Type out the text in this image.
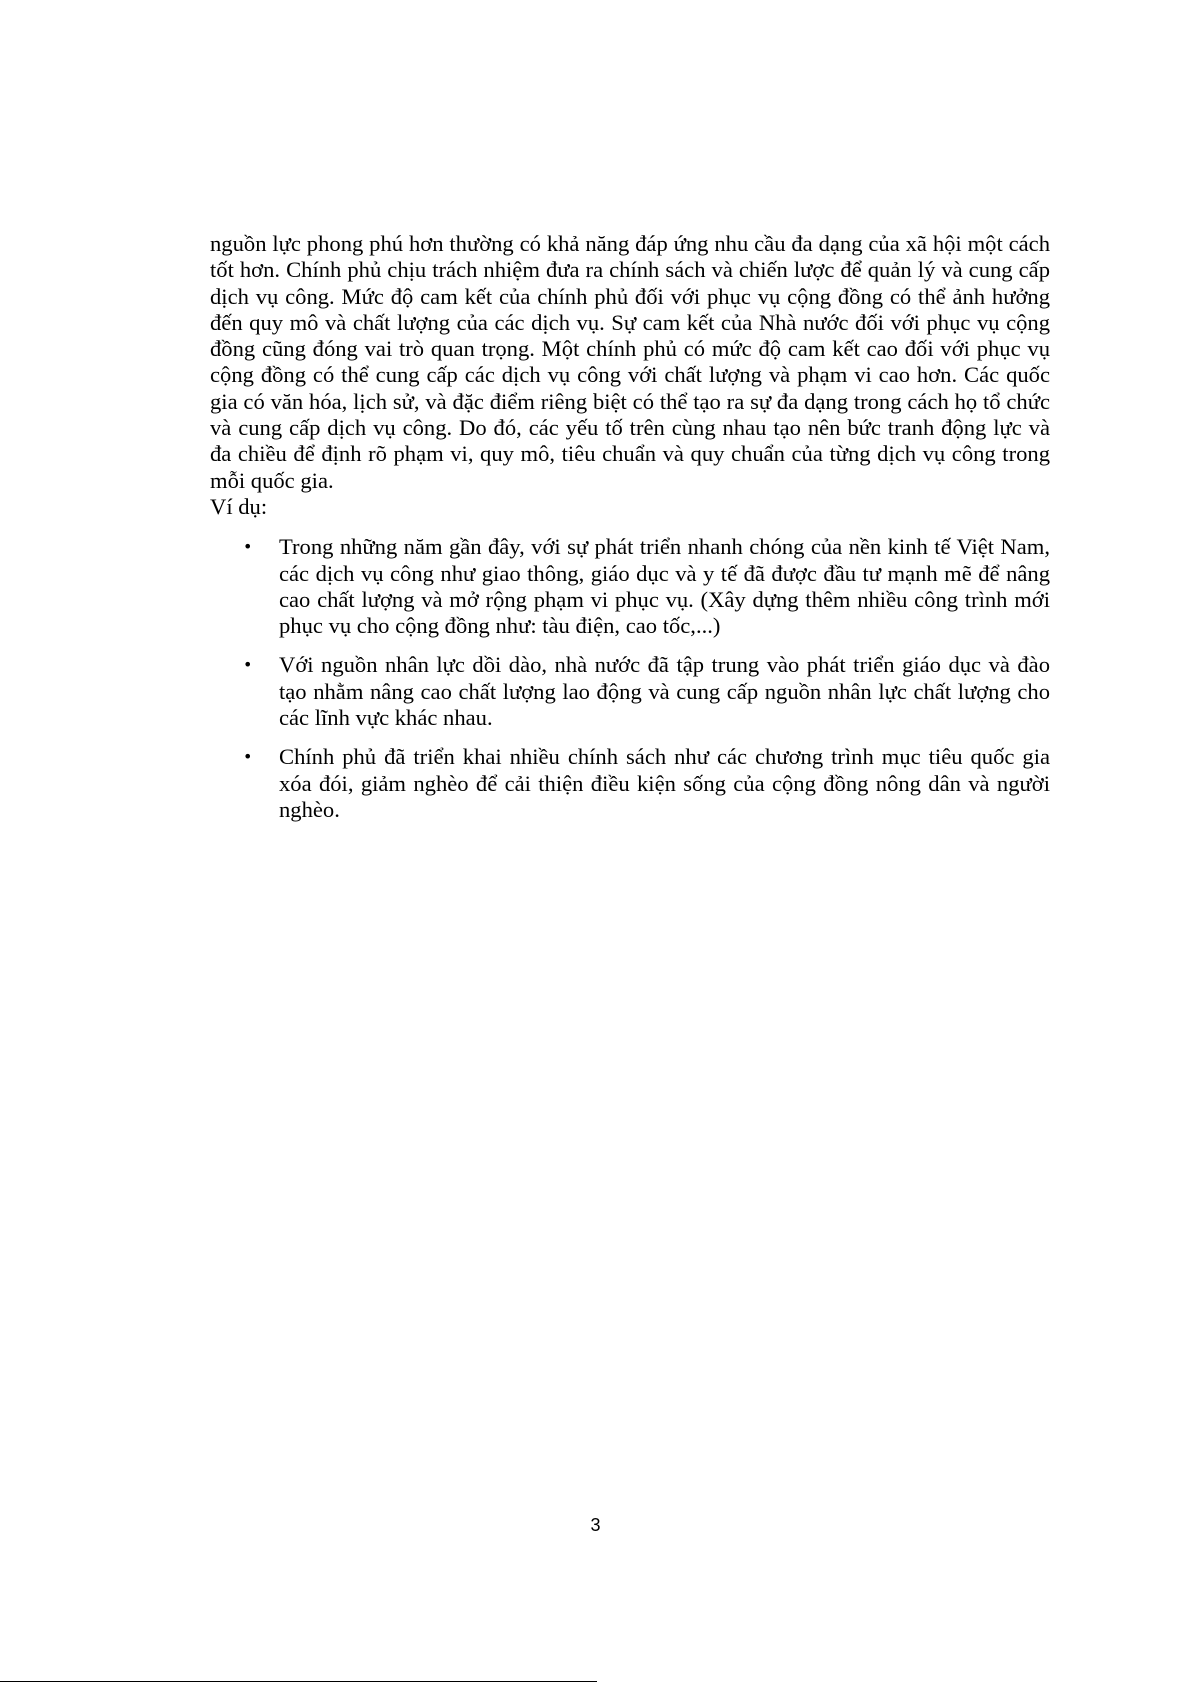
nguồn lực phong phú hơn thường có khả năng đáp ứng nhu cầu đa dạng của xã hội một cách tốt hơn. Chính phủ chịu trách nhiệm đưa ra chính sách và chiến lược để quản lý và cung cấp dịch vụ công. Mức độ cam kết của chính phủ đối với phục vụ cộng đồng có thể ảnh hưởng đến quy mô và chất lượng của các dịch vụ. Sự cam kết của Nhà nước đối với phục vụ cộng đồng cũng đóng vai trò quan trọng. Một chính phủ có mức độ cam kết cao đối với phục vụ cộng đồng có thể cung cấp các dịch vụ công với chất lượng và phạm vi cao hơn. Các quốc gia có văn hóa, lịch sử, và đặc điểm riêng biệt có thể tạo ra sự đa dạng trong cách họ tổ chức và cung cấp dịch vụ công. Do đó, các yếu tố trên cùng nhau tạo nên bức tranh động lực và đa chiều để định rõ phạm vi, quy mô, tiêu chuẩn và quy chuẩn của từng dịch vụ công trong mỗi quốc gia.

Ví dụ:

• Trong những năm gần đây, với sự phát triển nhanh chóng của nền kinh tế Việt Nam, các dịch vụ công như giao thông, giáo dục và y tế đã được đầu tư mạnh mẽ để nâng cao chất lượng và mở rộng phạm vi phục vụ. (Xây dựng thêm nhiều công trình mới phục vụ cho cộng đồng như: tàu điện, cao tốc,...)
• Với nguồn nhân lực dồi dào, nhà nước đã tập trung vào phát triển giáo dục và đào tạo nhằm nâng cao chất lượng lao động và cung cấp nguồn nhân lực chất lượng cho các lĩnh vực khác nhau.
• Chính phủ đã triển khai nhiều chính sách như các chương trình mục tiêu quốc gia xóa đói, giảm nghèo để cải thiện điều kiện sống của cộng đồng nông dân và người nghèo.
3
